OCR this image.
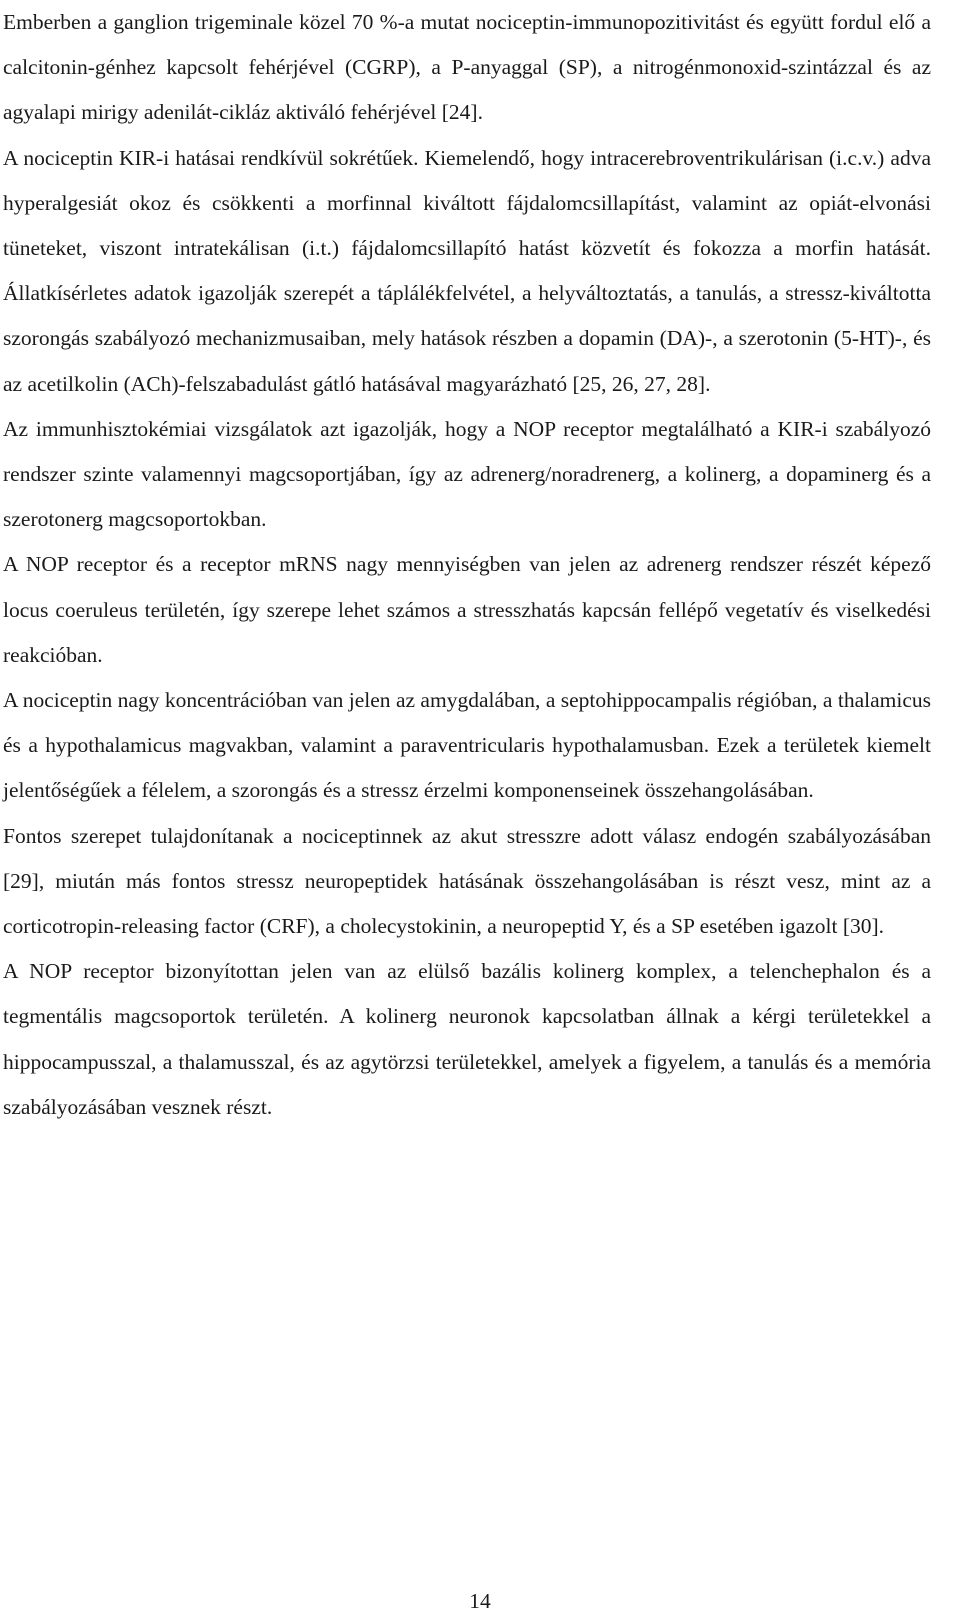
Emberben a ganglion trigeminale közel 70 %-a mutat nociceptin-immunopozitivitást és együtt fordul elő a calcitonin-génhez kapcsolt fehérjével (CGRP), a P-anyaggal (SP), a nitrogénmonoxid-szintázzal és az agyalapi mirigy adenilát-cikláz aktiváló fehérjével [24].

A nociceptin KIR-i hatásai rendkívül sokrétűek. Kiemelendő, hogy intracerebroventrikulárisan (i.c.v.) adva hyperalgesiát okoz és csökkenti a morfinnal kiváltott fájdalomcsillapítást, valamint az opiát-elvonási tüneteket, viszont intratekálisan (i.t.) fájdalomcsillapító hatást közvetít és fokozza a morfin hatását. Állatkísérletes adatok igazolják szerepét a táplálékfelvétel, a helyváltoztatás, a tanulás, a stressz-kiváltotta szorongás szabályozó mechanizmusaiban, mely hatások részben a dopamin (DA)-, a szerotonin (5-HT)-, és az acetilkolin (ACh)-felszabadulást gátló hatásával magyarázható [25, 26, 27, 28].

Az immunhisztokémiai vizsgálatok azt igazolják, hogy a NOP receptor megtalálható a KIR-i szabályozó rendszer szinte valamennyi magcsoportjában, így az adrenerg/noradrenerg, a kolinerg, a dopaminerg és a szerotonerg magcsoportokban.

A NOP receptor és a receptor mRNS nagy mennyiségben van jelen az adrenerg rendszer részét képező locus coeruleus területén, így szerepe lehet számos a stresszhatás kapcsán fellépő vegetatív és viselkedési reakcióban.

A nociceptin nagy koncentrációban van jelen az amygdalában, a septohippocampalis régióban, a thalamicus és a hypothalamicus magvakban, valamint a paraventricularis hypothalamusban. Ezek a területek kiemelt jelentőségűek a félelem, a szorongás és a stressz érzelmi komponenseinek összehangolásában.

Fontos szerepet tulajdonítanak a nociceptinnek az akut stresszre adott válasz endogén szabályozásában [29], miután más fontos stressz neuropeptidek hatásának összehangolásában is részt vesz, mint az a corticotropin-releasing factor (CRF), a cholecystokinin, a neuropeptid Y, és a SP esetében igazolt [30].

A NOP receptor bizonyítottan jelen van az elülső bazális kolinerg komplex, a telenchephalon és a tegmentális magcsoportok területén. A kolinerg neuronok kapcsolatban állnak a kérgi területekkel a hippocampusszal, a thalamusszal, és az agytörzsi területekkel, amelyek a figyelem, a tanulás és a memória szabályozásában vesznek részt.

14
